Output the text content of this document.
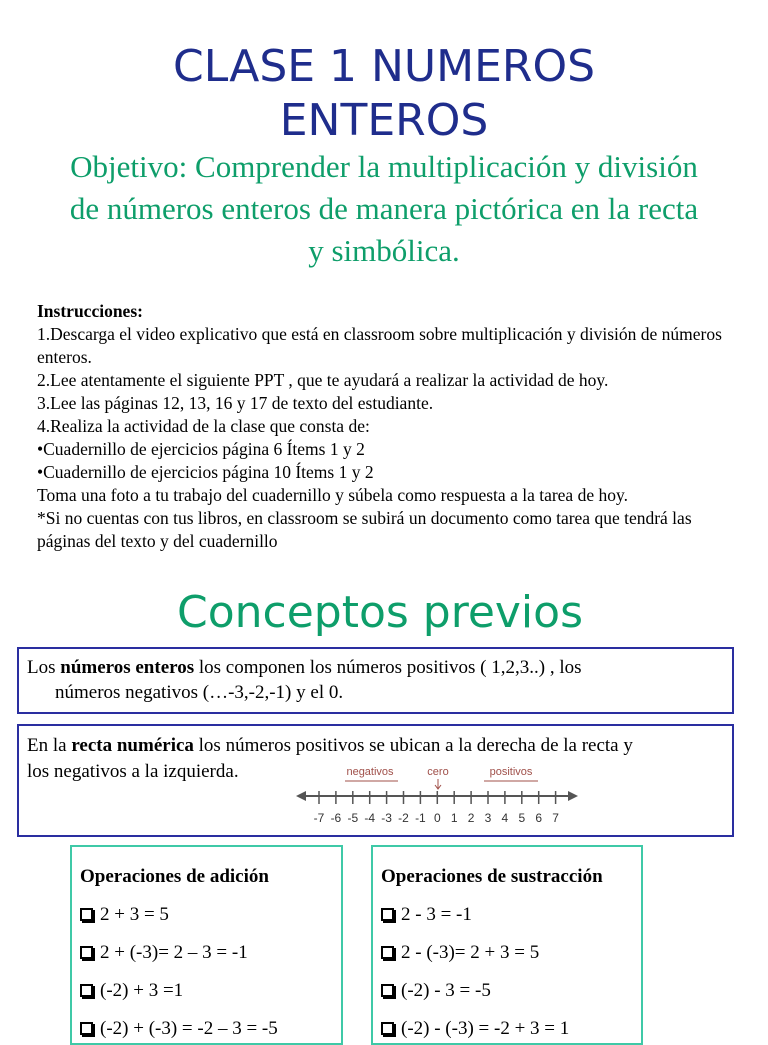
CLASE 1 NUMEROS
ENTEROS
Objetivo: Comprender la multiplicación y división de números enteros de manera pictórica en la recta y simbólica.
Instrucciones:
1.Descarga el video explicativo que está en classroom sobre multiplicación y división de números enteros.
2.Lee atentamente el siguiente PPT , que te ayudará a realizar la actividad de hoy.
3.Lee las páginas 12, 13, 16 y 17 de texto del estudiante.
4.Realiza la actividad de la clase que consta de:
•Cuadernillo de ejercicios página 6 Ítems 1 y 2
•Cuadernillo de ejercicios página 10 Ítems 1 y 2
Toma una foto a tu trabajo del cuadernillo y súbela como respuesta a la tarea de hoy.
*Si no cuentas con tus libros, en classroom se subirá un documento como tarea que tendrá las páginas del texto y del cuadernillo
Conceptos previos
Los números enteros los componen los números positivos ( 1,2,3..) , los
números negativos (…-3,-2,-1) y el 0.
En la recta numérica los números positivos se ubican a la derecha de la recta y
los negativos a la izquierda.	negativos	cero	positivos
-7 -6 -5 -4 -3 -2 -1 0 1 2 3 4 5 6 7
Operaciones de adición
2 + 3 = 5
2 + (-3)= 2 – 3 = -1
(-2) + 3 =1
(-2) + (-3) = -2 – 3 = -5
Operaciones de sustracción
2 - 3 = -1
2 - (-3)= 2 + 3 = 5
(-2) - 3 = -5
(-2) - (-3) = -2 + 3 = 1
